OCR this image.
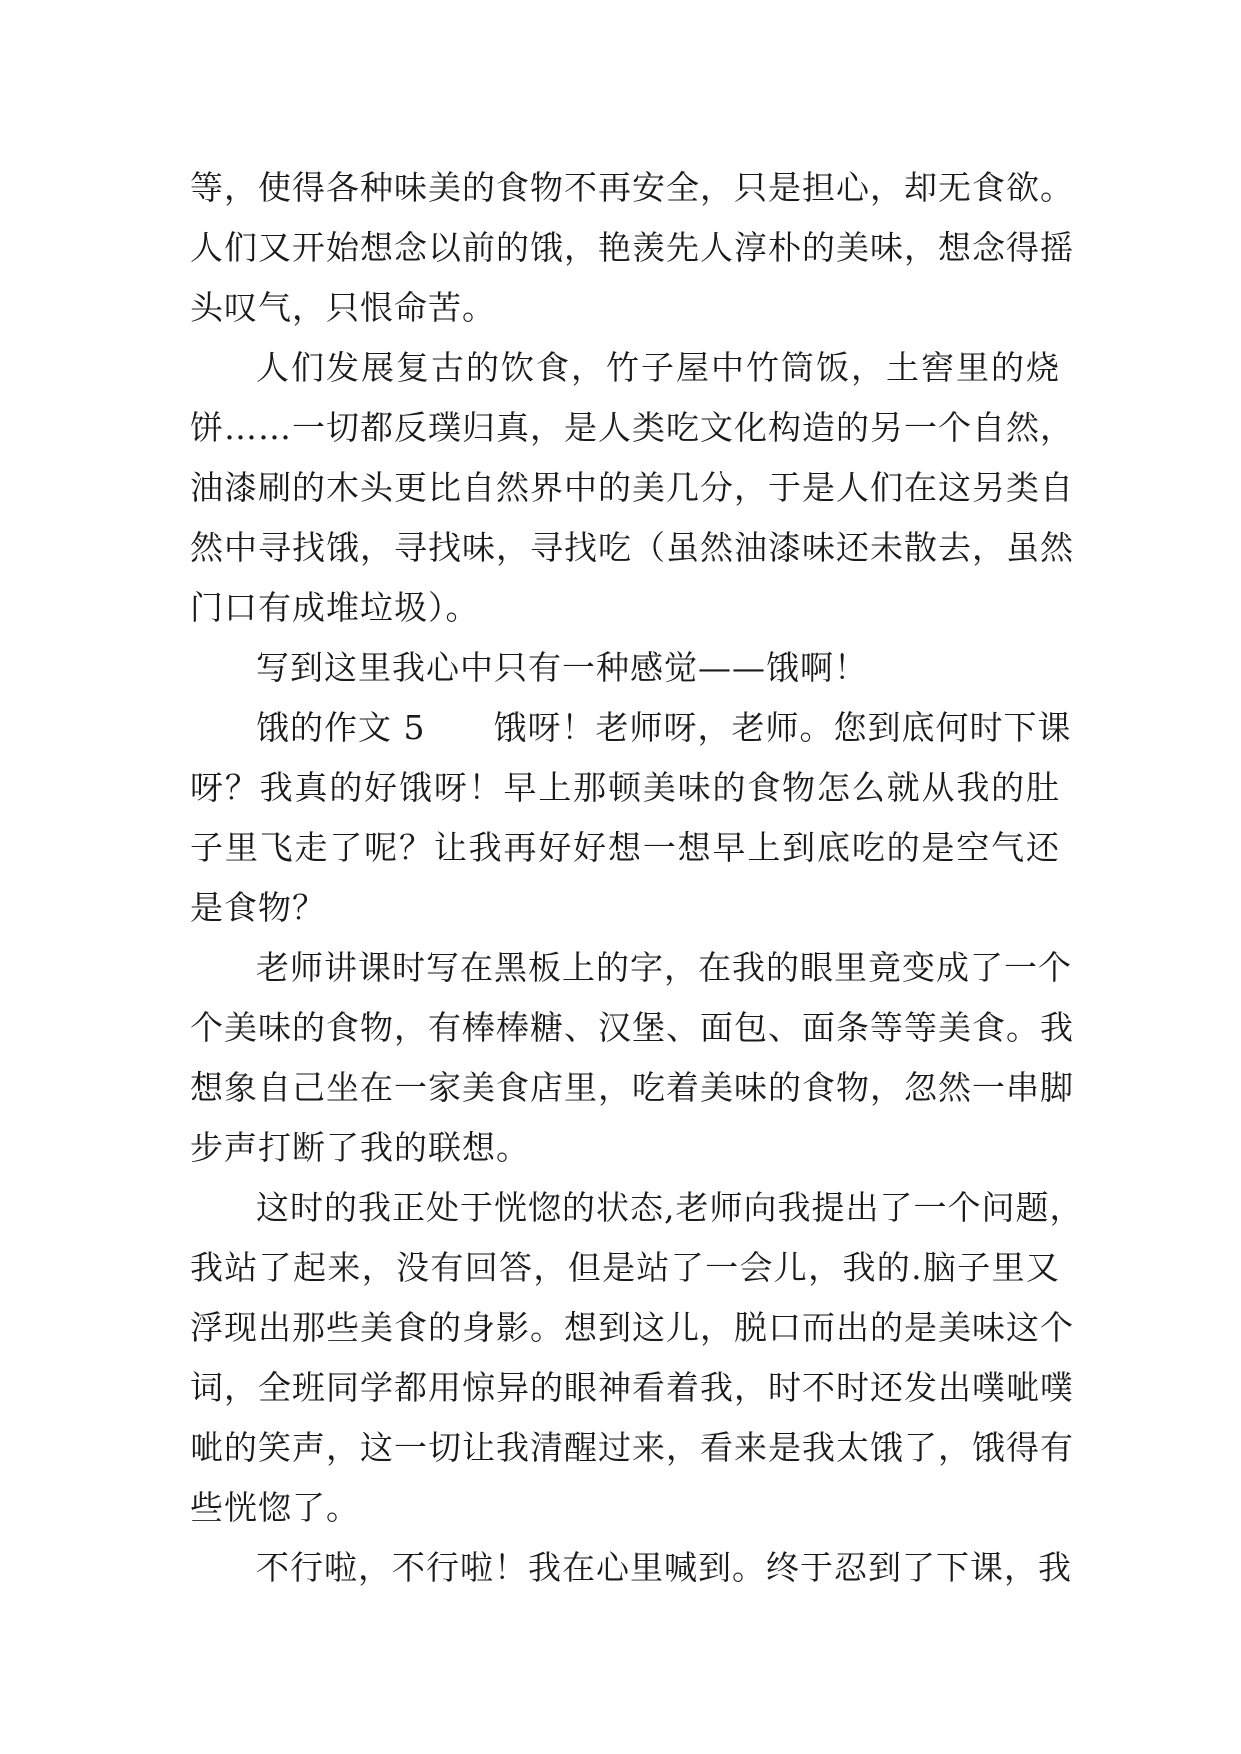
等，使得各种味美的食物不再安全，只是担心，却无食欲。
人们又开始想念以前的饿，艳羡先人淳朴的美味，想念得摇
头叹气，只恨命苦。
人们发展复古的饮食，竹子屋中竹筒饭，土窖里的烧
饼……一切都反璞归真，是人类吃文化构造的另一个自然，
油漆刷的木头更比自然界中的美几分，于是人们在这另类自
然中寻找饿，寻找味，寻找吃（虽然油漆味还未散去，虽然
门口有成堆垃圾）。
写到这里我心中只有一种感觉——饿啊！
饿的作文 5　　饿呀！老师呀，老师。您到底何时下课
呀？我真的好饿呀！早上那顿美味的食物怎么就从我的肚
子里飞走了呢？让我再好好想一想早上到底吃的是空气还
是食物？
老师讲课时写在黑板上的字，在我的眼里竟变成了一个
个美味的食物，有棒棒糖、汉堡、面包、面条等等美食。我
想象自己坐在一家美食店里，吃着美味的食物，忽然一串脚
步声打断了我的联想。
这时的我正处于恍惚的状态,老师向我提出了一个问题，
我站了起来，没有回答，但是站了一会儿，我的.脑子里又
浮现出那些美食的身影。想到这儿，脱口而出的是美味这个
词，全班同学都用惊异的眼神看着我，时不时还发出噗呲噗
呲的笑声，这一切让我清醒过来，看来是我太饿了，饿得有
些恍惚了。
不行啦，不行啦！我在心里喊到。终于忍到了下课，我
